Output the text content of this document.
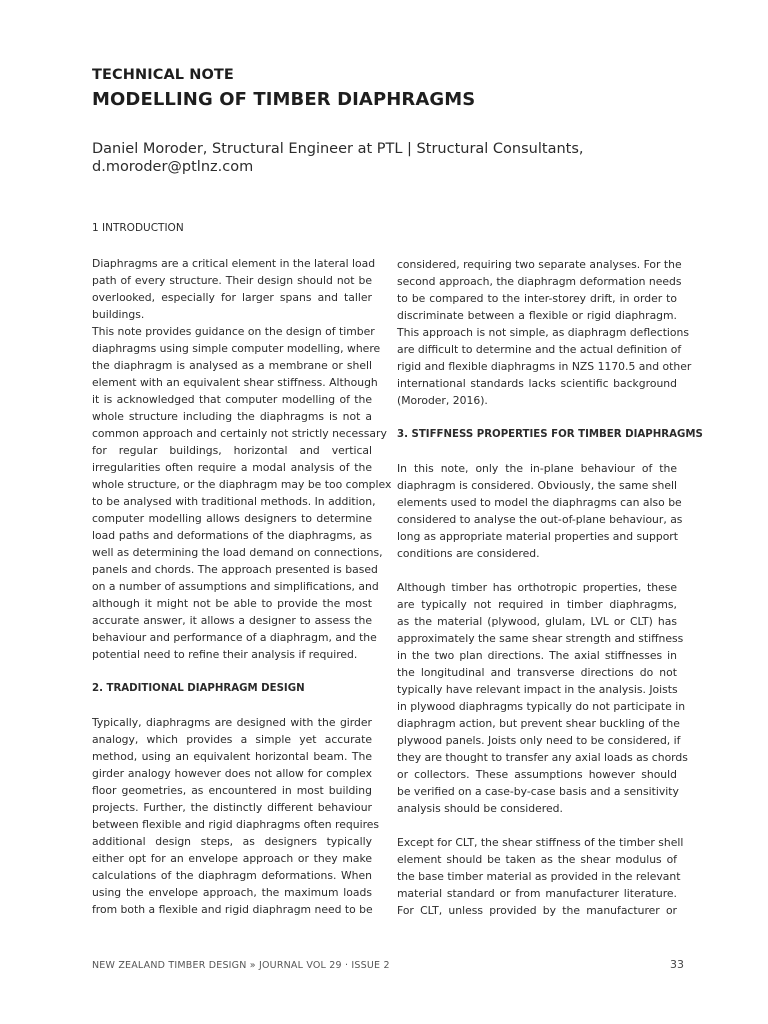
TECHNICAL NOTE
MODELLING OF TIMBER DIAPHRAGMS
Daniel Moroder, Structural Engineer at PTL | Structural Consultants,
d.moroder@ptlnz.com
1 INTRODUCTION
Diaphragms are a critical element in the lateral load
path of every structure. Their design should not be
overlooked, especially for larger spans and taller
buildings.
This note provides guidance on the design of timber
diaphragms using simple computer modelling, where
the diaphragm is analysed as a membrane or shell
element with an equivalent shear stiffness. Although
it is acknowledged that computer modelling of the
whole structure including the diaphragms is not a
common approach and certainly not strictly necessary
for regular buildings, horizontal and vertical
irregularities often require a modal analysis of the
whole structure, or the diaphragm may be too complex
to be analysed with traditional methods. In addition,
computer modelling allows designers to determine
load paths and deformations of the diaphragms, as
well as determining the load demand on connections,
panels and chords. The approach presented is based
on a number of assumptions and simplifications, and
although it might not be able to provide the most
accurate answer, it allows a designer to assess the
behaviour and performance of a diaphragm, and the
potential need to refine their analysis if required.
2. TRADITIONAL DIAPHRAGM DESIGN
Typically, diaphragms are designed with the girder
analogy, which provides a simple yet accurate
method, using an equivalent horizontal beam. The
girder analogy however does not allow for complex
floor geometries, as encountered in most building
projects. Further, the distinctly different behaviour
between flexible and rigid diaphragms often requires
additional design steps, as designers typically
either opt for an envelope approach or they make
calculations of the diaphragm deformations. When
using the envelope approach, the maximum loads
from both a flexible and rigid diaphragm need to be
considered, requiring two separate analyses. For the
second approach, the diaphragm deformation needs
to be compared to the inter-storey drift, in order to
discriminate between a flexible or rigid diaphragm.
This approach is not simple, as diaphragm deflections
are difficult to determine and the actual definition of
rigid and flexible diaphragms in NZS 1170.5 and other
international standards lacks scientific background
(Moroder, 2016).
3. STIFFNESS PROPERTIES FOR TIMBER DIAPHRAGMS
In this note, only the in-plane behaviour of the
diaphragm is considered. Obviously, the same shell
elements used to model the diaphragms can also be
considered to analyse the out-of-plane behaviour, as
long as appropriate material properties and support
conditions are considered.
Although timber has orthotropic properties, these
are typically not required in timber diaphragms,
as the material (plywood, glulam, LVL or CLT) has
approximately the same shear strength and stiffness
in the two plan directions. The axial stiffnesses in
the longitudinal and transverse directions do not
typically have relevant impact in the analysis. Joists
in plywood diaphragms typically do not participate in
diaphragm action, but prevent shear buckling of the
plywood panels. Joists only need to be considered, if
they are thought to transfer any axial loads as chords
or collectors. These assumptions however should
be verified on a case-by-case basis and a sensitivity
analysis should be considered.
Except for CLT, the shear stiffness of the timber shell
element should be taken as the shear modulus of
the base timber material as provided in the relevant
material standard or from manufacturer literature.
For CLT, unless provided by the manufacturer or
NEW ZEALAND TIMBER DESIGN » JOURNAL VOL 29 · ISSUE 2	33
